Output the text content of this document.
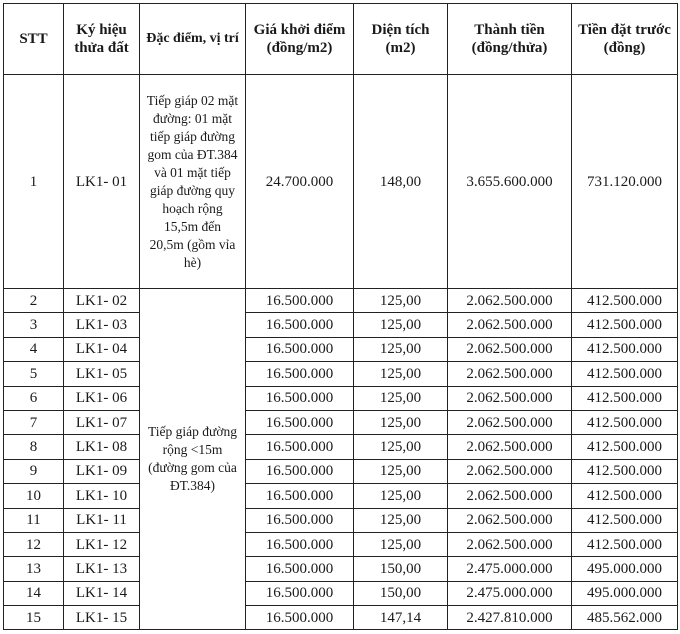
STT	Ký hiệu thửa đất	Đặc điểm, vị trí	Giá khởi điểm (đồng/m2)	Diện tích (m2)	Thành tiền (đồng/thửa)	Tiền đặt trước (đồng)
1	LK1- 01	Tiếp giáp 02 mặt đường: 01 mặt tiếp giáp đường gom của ĐT.384 và 01 mặt tiếp giáp đường quy hoạch rộng 15,5m đến 20,5m (gồm vỉa hè)	24.700.000	148,00	3.655.600.000	731.120.000
2	LK1- 02	Tiếp giáp đường rộng <15m (đường gom của ĐT.384)	16.500.000	125,00	2.062.500.000	412.500.000
3	LK1- 03		16.500.000	125,00	2.062.500.000	412.500.000
4	LK1- 04		16.500.000	125,00	2.062.500.000	412.500.000
5	LK1- 05		16.500.000	125,00	2.062.500.000	412.500.000
6	LK1- 06		16.500.000	125,00	2.062.500.000	412.500.000
7	LK1- 07		16.500.000	125,00	2.062.500.000	412.500.000
8	LK1- 08		16.500.000	125,00	2.062.500.000	412.500.000
9	LK1- 09		16.500.000	125,00	2.062.500.000	412.500.000
10	LK1- 10		16.500.000	125,00	2.062.500.000	412.500.000
11	LK1- 11		16.500.000	125,00	2.062.500.000	412.500.000
12	LK1- 12		16.500.000	125,00	2.062.500.000	412.500.000
13	LK1- 13		16.500.000	150,00	2.475.000.000	495.000.000
14	LK1- 14		16.500.000	150,00	2.475.000.000	495.000.000
15	LK1- 15		16.500.000	147,14	2.427.810.000	485.562.000
